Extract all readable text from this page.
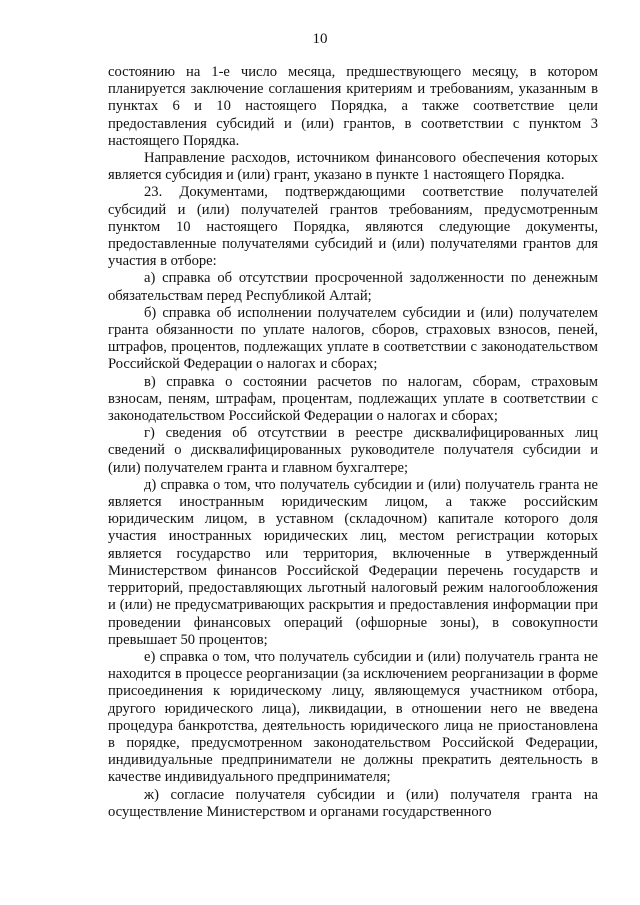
10

состоянию на 1-е число месяца, предшествующего месяцу, в котором планируется заключение соглашения критериям и требованиям, указанным в пунктах 6 и 10 настоящего Порядка, а также соответствие цели предоставления субсидий и (или) грантов, в соответствии с пунктом 3 настоящего Порядка.

Направление расходов, источником финансового обеспечения которых является субсидия и (или) грант, указано в пункте 1 настоящего Порядка.

23. Документами, подтверждающими соответствие получателей субсидий и (или) получателей грантов требованиям, предусмотренным пунктом 10 настоящего Порядка, являются следующие документы, предоставленные получателями субсидий и (или) получателями грантов для участия в отборе:

а) справка об отсутствии просроченной задолженности по денежным обязательствам перед Республикой Алтай;

б) справка об исполнении получателем субсидии и (или) получателем гранта обязанности по уплате налогов, сборов, страховых взносов, пеней, штрафов, процентов, подлежащих уплате в соответствии с законодательством Российской Федерации о налогах и сборах;

в) справка о состоянии расчетов по налогам, сборам, страховым взносам, пеням, штрафам, процентам, подлежащих уплате в соответствии с законодательством Российской Федерации о налогах и сборах;

г) сведения об отсутствии в реестре дисквалифицированных лиц сведений о дисквалифицированных руководителе получателя субсидии и (или) получателем гранта и главном бухгалтере;

д) справка о том, что получатель субсидии и (или) получатель гранта не является иностранным юридическим лицом, а также российским юридическим лицом, в уставном (складочном) капитале которого доля участия иностранных юридических лиц, местом регистрации которых является государство или территория, включенные в утвержденный Министерством финансов Российской Федерации перечень государств и территорий, предоставляющих льготный налоговый режим налогообложения и (или) не предусматривающих раскрытия и предоставления информации при проведении финансовых операций (офшорные зоны), в совокупности превышает 50 процентов;

е) справка о том, что получатель субсидии и (или) получатель гранта не находится в процессе реорганизации (за исключением реорганизации в форме присоединения к юридическому лицу, являющемуся участником отбора, другого юридического лица), ликвидации, в отношении него не введена процедура банкротства, деятельность юридического лица не приостановлена в порядке, предусмотренном законодательством Российской Федерации, индивидуальные предприниматели не должны прекратить деятельность в качестве индивидуального предпринимателя;

ж) согласие получателя субсидии и (или) получателя гранта на осуществление Министерством и органами государственного
